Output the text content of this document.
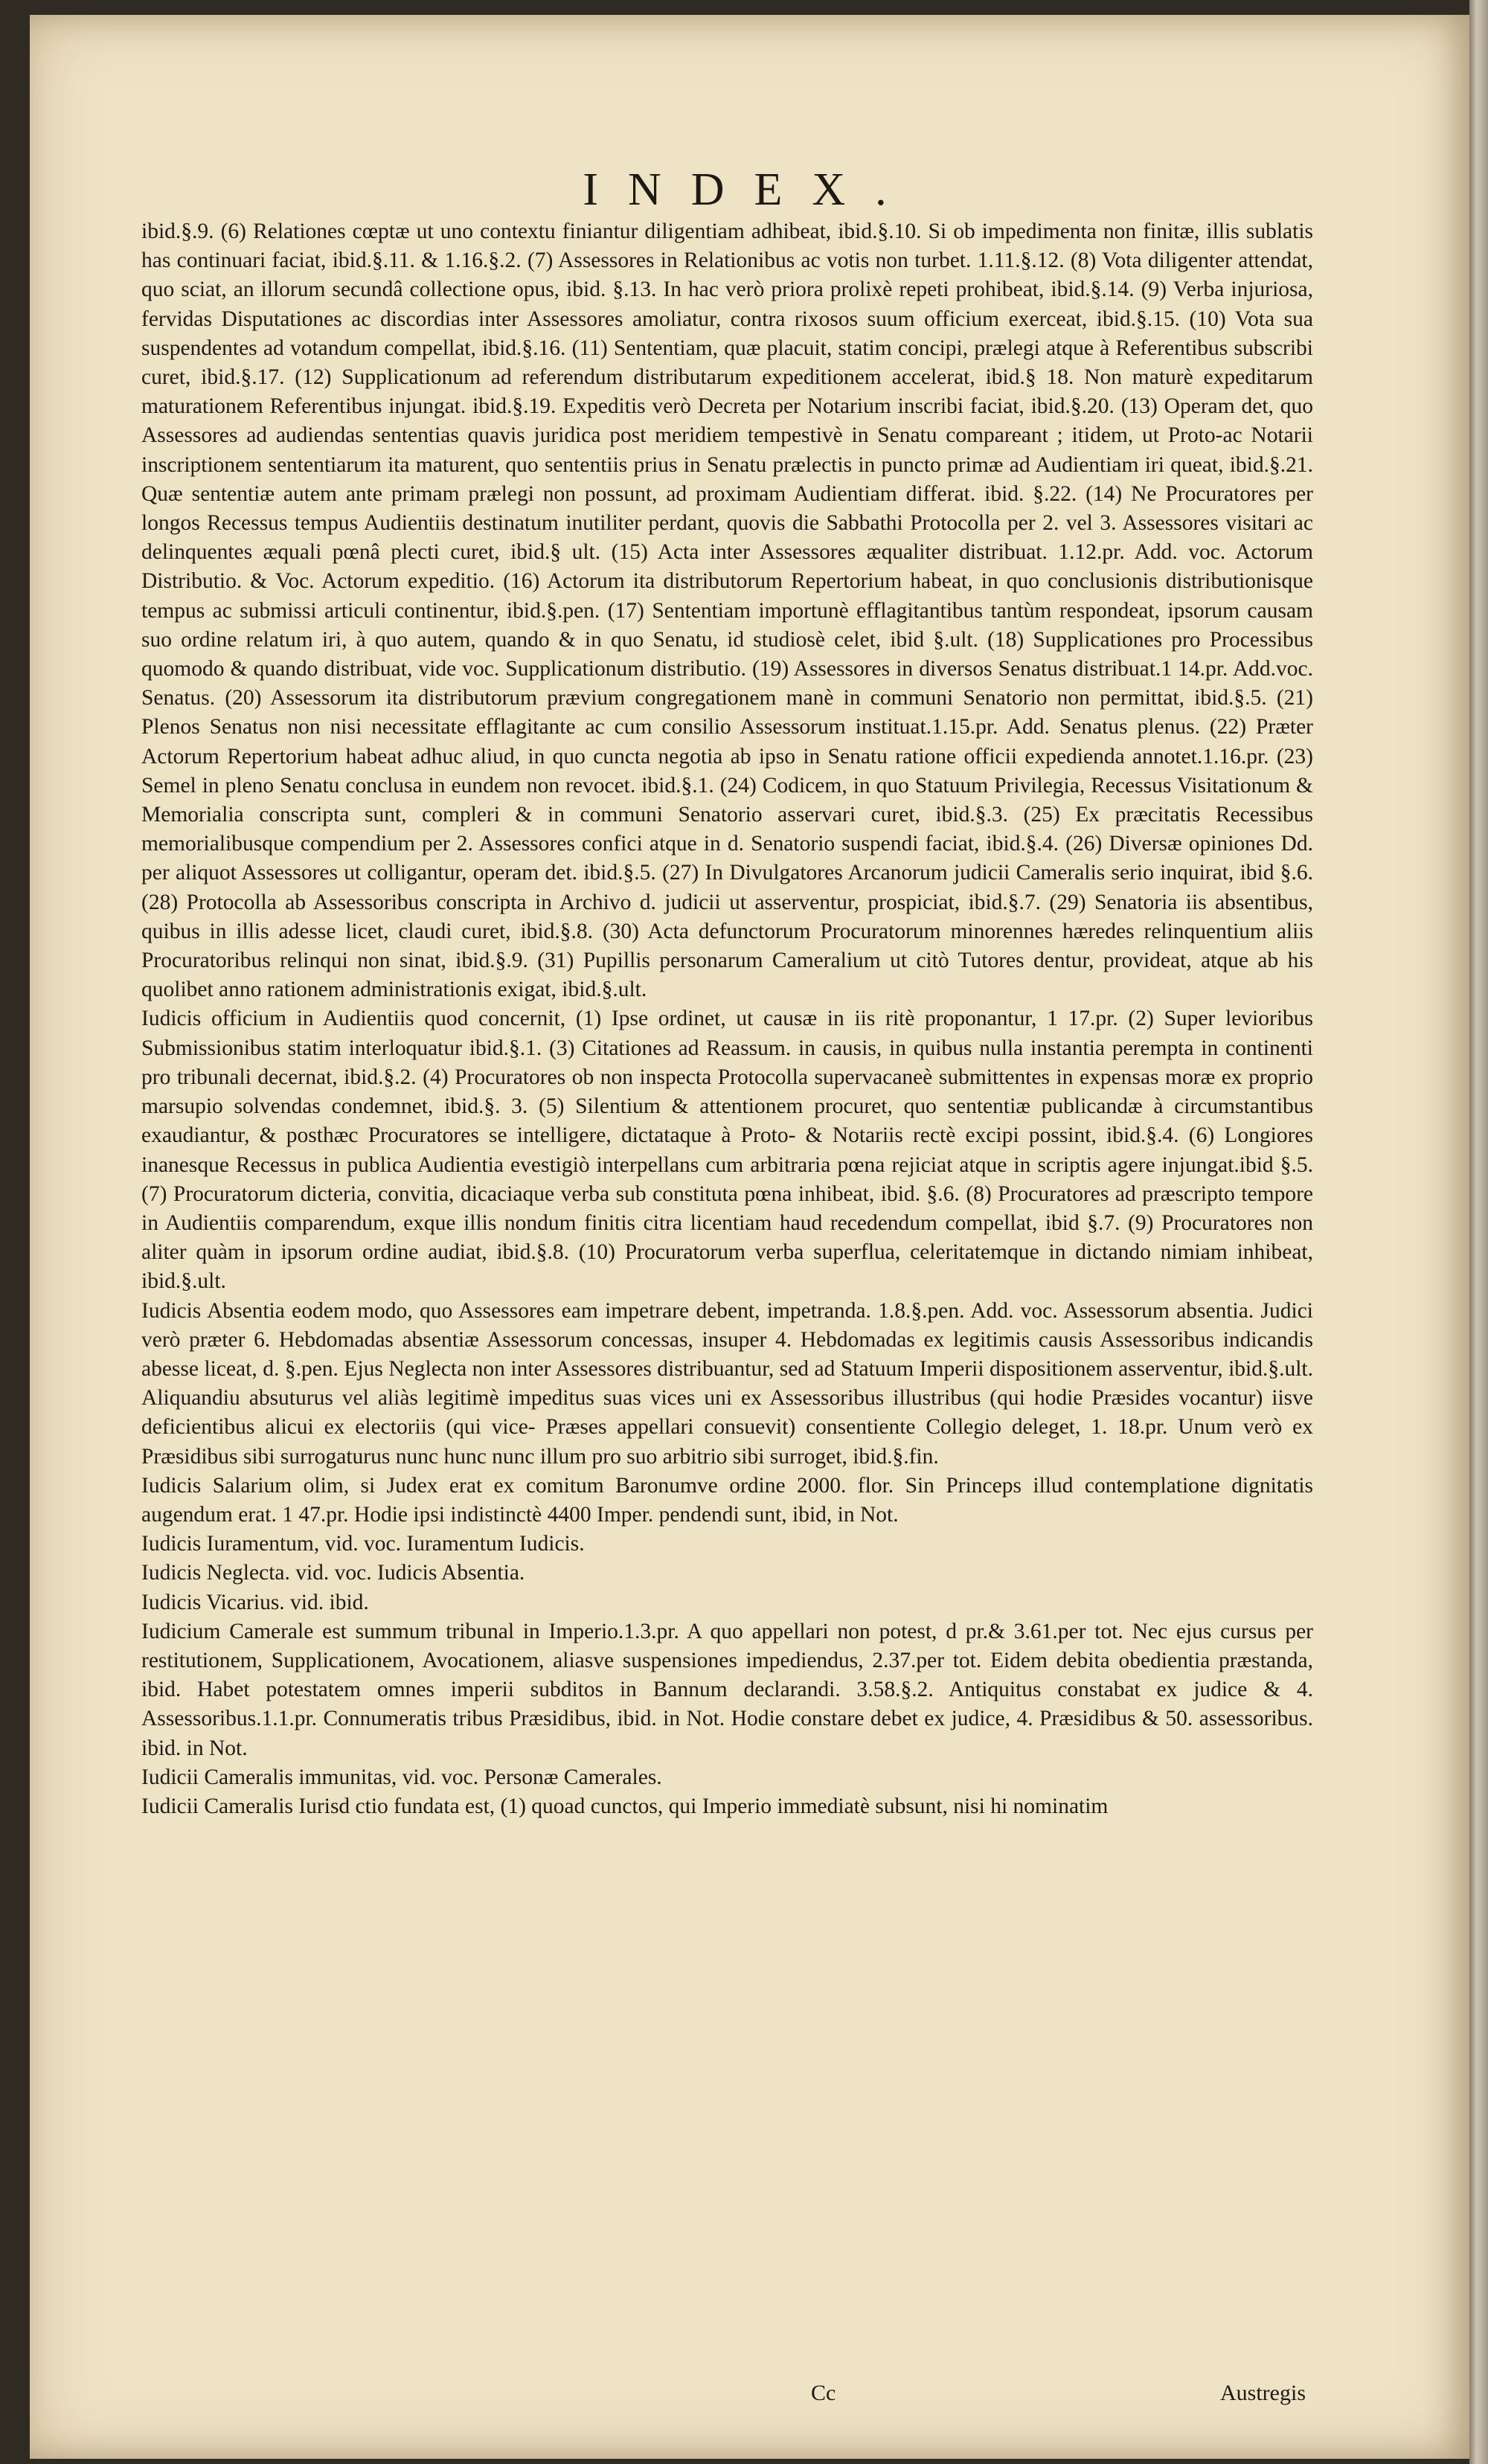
INDEX.

ibid.§.9. (6) Relationes cœptæ ut uno contextu finiantur diligentiam adhibeat, ibid.§.10. Si ob impedimenta non finitæ, illis sublatis has continuari faciat, ibid.§.11. & 1.16.§.2. (7) Assessores in Relationibus ac votis non turbet. 1.11.§.12. (8) Vota diligenter attendat, quo sciat, an illorum secundâ collectione opus, ibid. §.13. In hac verò priora prolixè repeti prohibeat, ibid.§.14. (9) Verba injuriosa, fervidas Disputationes ac discordias inter Assessores amoliatur, contra rixosos suum officium exerceat, ibid.§.15. (10) Vota sua suspendentes ad votandum compellat, ibid.§.16. (11) Sententiam, quæ placuit, statim concipi, prælegi atque à Referentibus subscribi curet, ibid.§.17. (12) Supplicationum ad referendum distributarum expeditionem accelerat, ibid.§ 18. Non maturè expeditarum maturationem Referentibus injungat. ibid.§.19. Expeditis verò Decreta per Notarium inscribi faciat, ibid.§.20. (13) Operam det, quo Assessores ad audiendas sententias quavis juridica post meridiem tempestivè in Senatu compareant ; itidem, ut Proto-ac Notarii inscriptionem sententiarum ita maturent, quo sententiis prius in Senatu prælectis in puncto primæ ad Audientiam iri queat, ibid.§.21. Quæ sententiæ autem ante primam prælegi non possunt, ad proximam Audientiam differat. ibid. §.22. (14) Ne Procuratores per longos Recessus tempus Audientiis destinatum inutiliter perdant, quovis die Sabbathi Protocolla per 2. vel 3. Assessores visitari ac delinquentes æquali pœnâ plecti curet, ibid.§ ult. (15) Acta inter Assessores æqualiter distribuat. 1.12.pr. Add. voc. Actorum Distributio. & Voc. Actorum expeditio. (16) Actorum ita distributorum Repertorium habeat, in quo conclusionis distributionisque tempus ac submissi articuli continentur, ibid.§.pen. (17) Sententiam importunè efflagitantibus tantùm respondeat, ipsorum causam suo ordine relatum iri, à quo autem, quando & in quo Senatu, id studiosè celet, ibid §.ult. (18) Supplicationes pro Processibus quomodo & quando distribuat, vide voc. Supplicationum distributio. (19) Assessores in diversos Senatus distribuat.1 14.pr. Add.voc. Senatus. (20) Assessorum ita distributorum prævium congregationem manè in communi Senatorio non permittat, ibid.§.5. (21) Plenos Senatus non nisi necessitate efflagitante ac cum consilio Assessorum instituat.1.15.pr. Add. Senatus plenus. (22) Præter Actorum Repertorium habeat adhuc aliud, in quo cuncta negotia ab ipso in Senatu ratione officii expedienda annotet.1.16.pr. (23) Semel in pleno Senatu conclusa in eundem non revocet. ibid.§.1. (24) Codicem, in quo Statuum Privilegia, Recessus Visitationum & Memorialia conscripta sunt, compleri & in communi Senatorio asservari curet, ibid.§.3. (25) Ex præcitatis Recessibus memorialibusque compendium per 2. Assessores confici atque in d. Senatorio suspendi faciat, ibid.§.4. (26) Diversæ opiniones Dd. per aliquot Assessores ut colligantur, operam det. ibid.§.5. (27) In Divulgatores Arcanorum judicii Cameralis serio inquirat, ibid §.6. (28) Protocolla ab Assessoribus conscripta in Archivo d. judicii ut asserventur, prospiciat, ibid.§.7. (29) Senatoria iis absentibus, quibus in illis adesse licet, claudi curet, ibid.§.8. (30) Acta defunctorum Procuratorum minorennes hæredes relinquentium aliis Procuratoribus relinqui non sinat, ibid.§.9. (31) Pupillis personarum Cameralium ut citò Tutores dentur, provideat, atque ab his quolibet anno rationem administrationis exigat, ibid.§.ult.

Iudicis officium in Audientiis quod concernit, (1) Ipse ordinet, ut causæ in iis ritè proponantur, 1 17.pr. (2) Super levioribus Submissionibus statim interloquatur ibid.§.1. (3) Citationes ad Reassum. in causis, in quibus nulla instantia perempta in continenti pro tribunali decernat, ibid.§.2. (4) Procuratores ob non inspecta Protocolla supervacaneè submittentes in expensas moræ ex proprio marsupio solvendas condemnet, ibid.§. 3. (5) Silentium & attentionem procuret, quo sententiæ publicandæ à circumstantibus exaudiantur, & posthæc Procuratores se intelligere, dictataque à Proto- & Notariis rectè excipi possint, ibid.§.4. (6) Longiores inanesque Recessus in publica Audientia evestigiò interpellans cum arbitraria pœna rejiciat atque in scriptis agere injungat.ibid §.5. (7) Procuratorum dicteria, convitia, dicaciaque verba sub constituta pœna inhibeat, ibid. §.6. (8) Procuratores ad præscripto tempore in Audientiis comparendum, exque illis nondum finitis citra licentiam haud recedendum compellat, ibid §.7. (9) Procuratores non aliter quàm in ipsorum ordine audiat, ibid.§.8. (10) Procuratorum verba superflua, celeritatemque in dictando nimiam inhibeat, ibid.§.ult.

Iudicis Absentia eodem modo, quo Assessores eam impetrare debent, impetranda. 1.8.§.pen. Add. voc. Assessorum absentia. Judici verò præter 6. Hebdomadas absentiæ Assessorum concessas, insuper 4. Hebdomadas ex legitimis causis Assessoribus indicandis abesse liceat, d. §.pen. Ejus Neglecta non inter Assessores distribuantur, sed ad Statuum Imperii dispositionem asserventur, ibid.§.ult. Aliquandiu absuturus vel aliàs legitimè impeditus suas vices uni ex Assessoribus illustribus (qui hodie Præsides vocantur) iisve deficientibus alicui ex electoriis (qui vice- Præses appellari consuevit) consentiente Collegio deleget, 1. 18.pr. Unum verò ex Præsidibus sibi surrogaturus nunc hunc nunc illum pro suo arbitrio sibi surroget, ibid.§.fin.

Iudicis Salarium olim, si Judex erat ex comitum Baronumve ordine 2000. flor. Sin Princeps illud contemplatione dignitatis augendum erat. 1 47.pr. Hodie ipsi indistinctè 4400 Imper. pendendi sunt, ibid, in Not.

Iudicis Iuramentum, vid. voc. Iuramentum Iudicis.

Iudicis Neglecta. vid. voc. Iudicis Absentia.

Iudicis Vicarius. vid. ibid.

Iudicium Camerale est summum tribunal in Imperio.1.3.pr. A quo appellari non potest, d pr.& 3.61.per tot. Nec ejus cursus per restitutionem, Supplicationem, Avocationem, aliasve suspensiones impediendus, 2.37.per tot. Eidem debita obedientia præstanda, ibid. Habet potestatem omnes imperii subditos in Bannum declarandi. 3.58.§.2. Antiquitus constabat ex judice & 4. Assessoribus.1.1.pr. Connumeratis tribus Præsidibus, ibid. in Not. Hodie constare debet ex judice, 4. Præsidibus & 50. assessoribus. ibid. in Not.

Iudicii Cameralis immunitas, vid. voc. Personæ Camerales.

Iudicii Cameralis Iurisd ctio fundata est, (1) quoad cunctos, qui Imperio immediatè subsunt, nisi hi nominatim

Cc	Austregis
